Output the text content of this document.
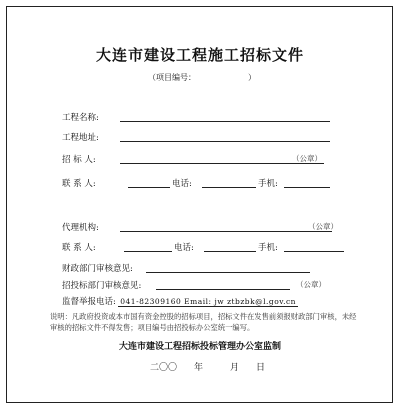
大连市建设工程施工招标文件
（项目编号：	）
工程名称:
工程地址:
招 标 人:	（公章）
联 系 人:	电话:	手机:
代理机构:	（公章）
联 系 人:	电话:	手机:
财政部门审核意见:
招投标部门审核意见:	（公章）
监督举报电话: 041-82309160 Email: jw ztbzbk@l.gov.cn
说明：凡政府投资或本市国有资金控股的招标项目，招标文件在发售前须报财政部门审核，未经审核的招标文件不得发售；项目编号由招投标办公室统一编写。
大连市建设工程招标投标管理办公室监制
二〇〇 年	月 日
